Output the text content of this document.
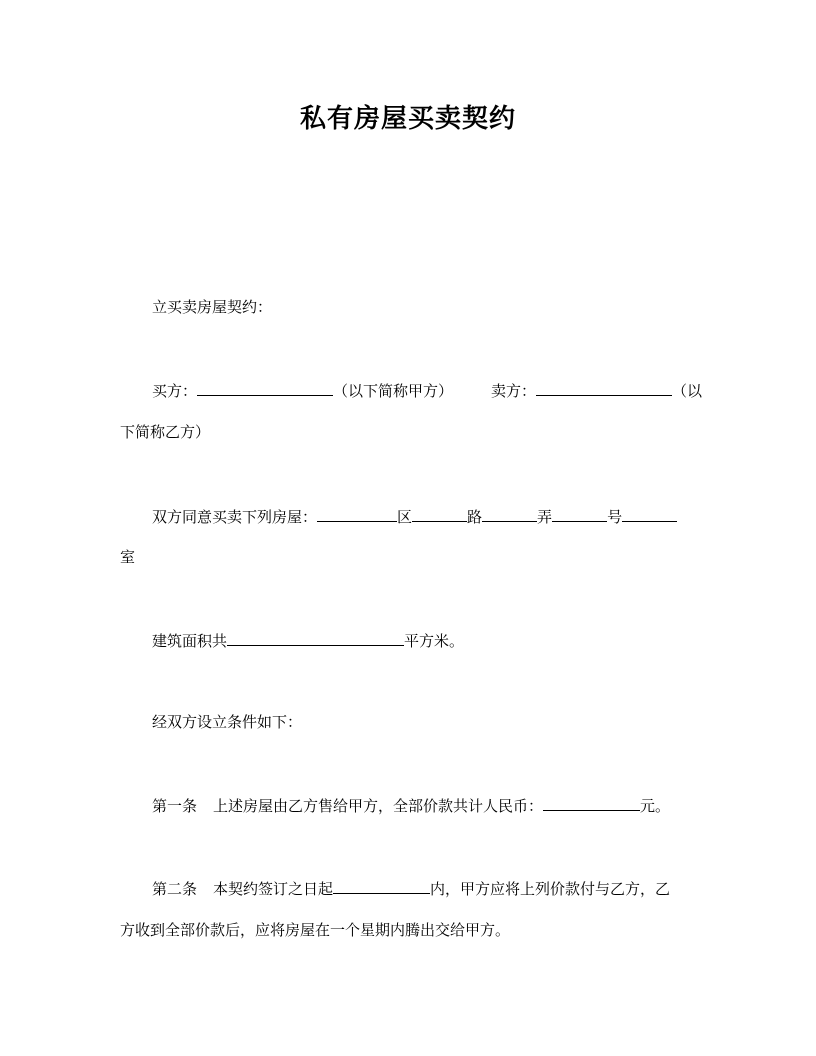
私有房屋买卖契约
立买卖房屋契约：
买方：	（以下简称甲方）	卖方：	（以
下简称乙方）
双方同意买卖下列房屋：	区	路	弄	号
室
建筑面积共	平方米。
经双方设立条件如下：
第一条 上述房屋由乙方售给甲方，全部价款共计人民币：	元。
第二条 本契约签订之日起	内，甲方应将上列价款付与乙方，乙
方收到全部价款后，应将房屋在一个星期内腾出交给甲方。
